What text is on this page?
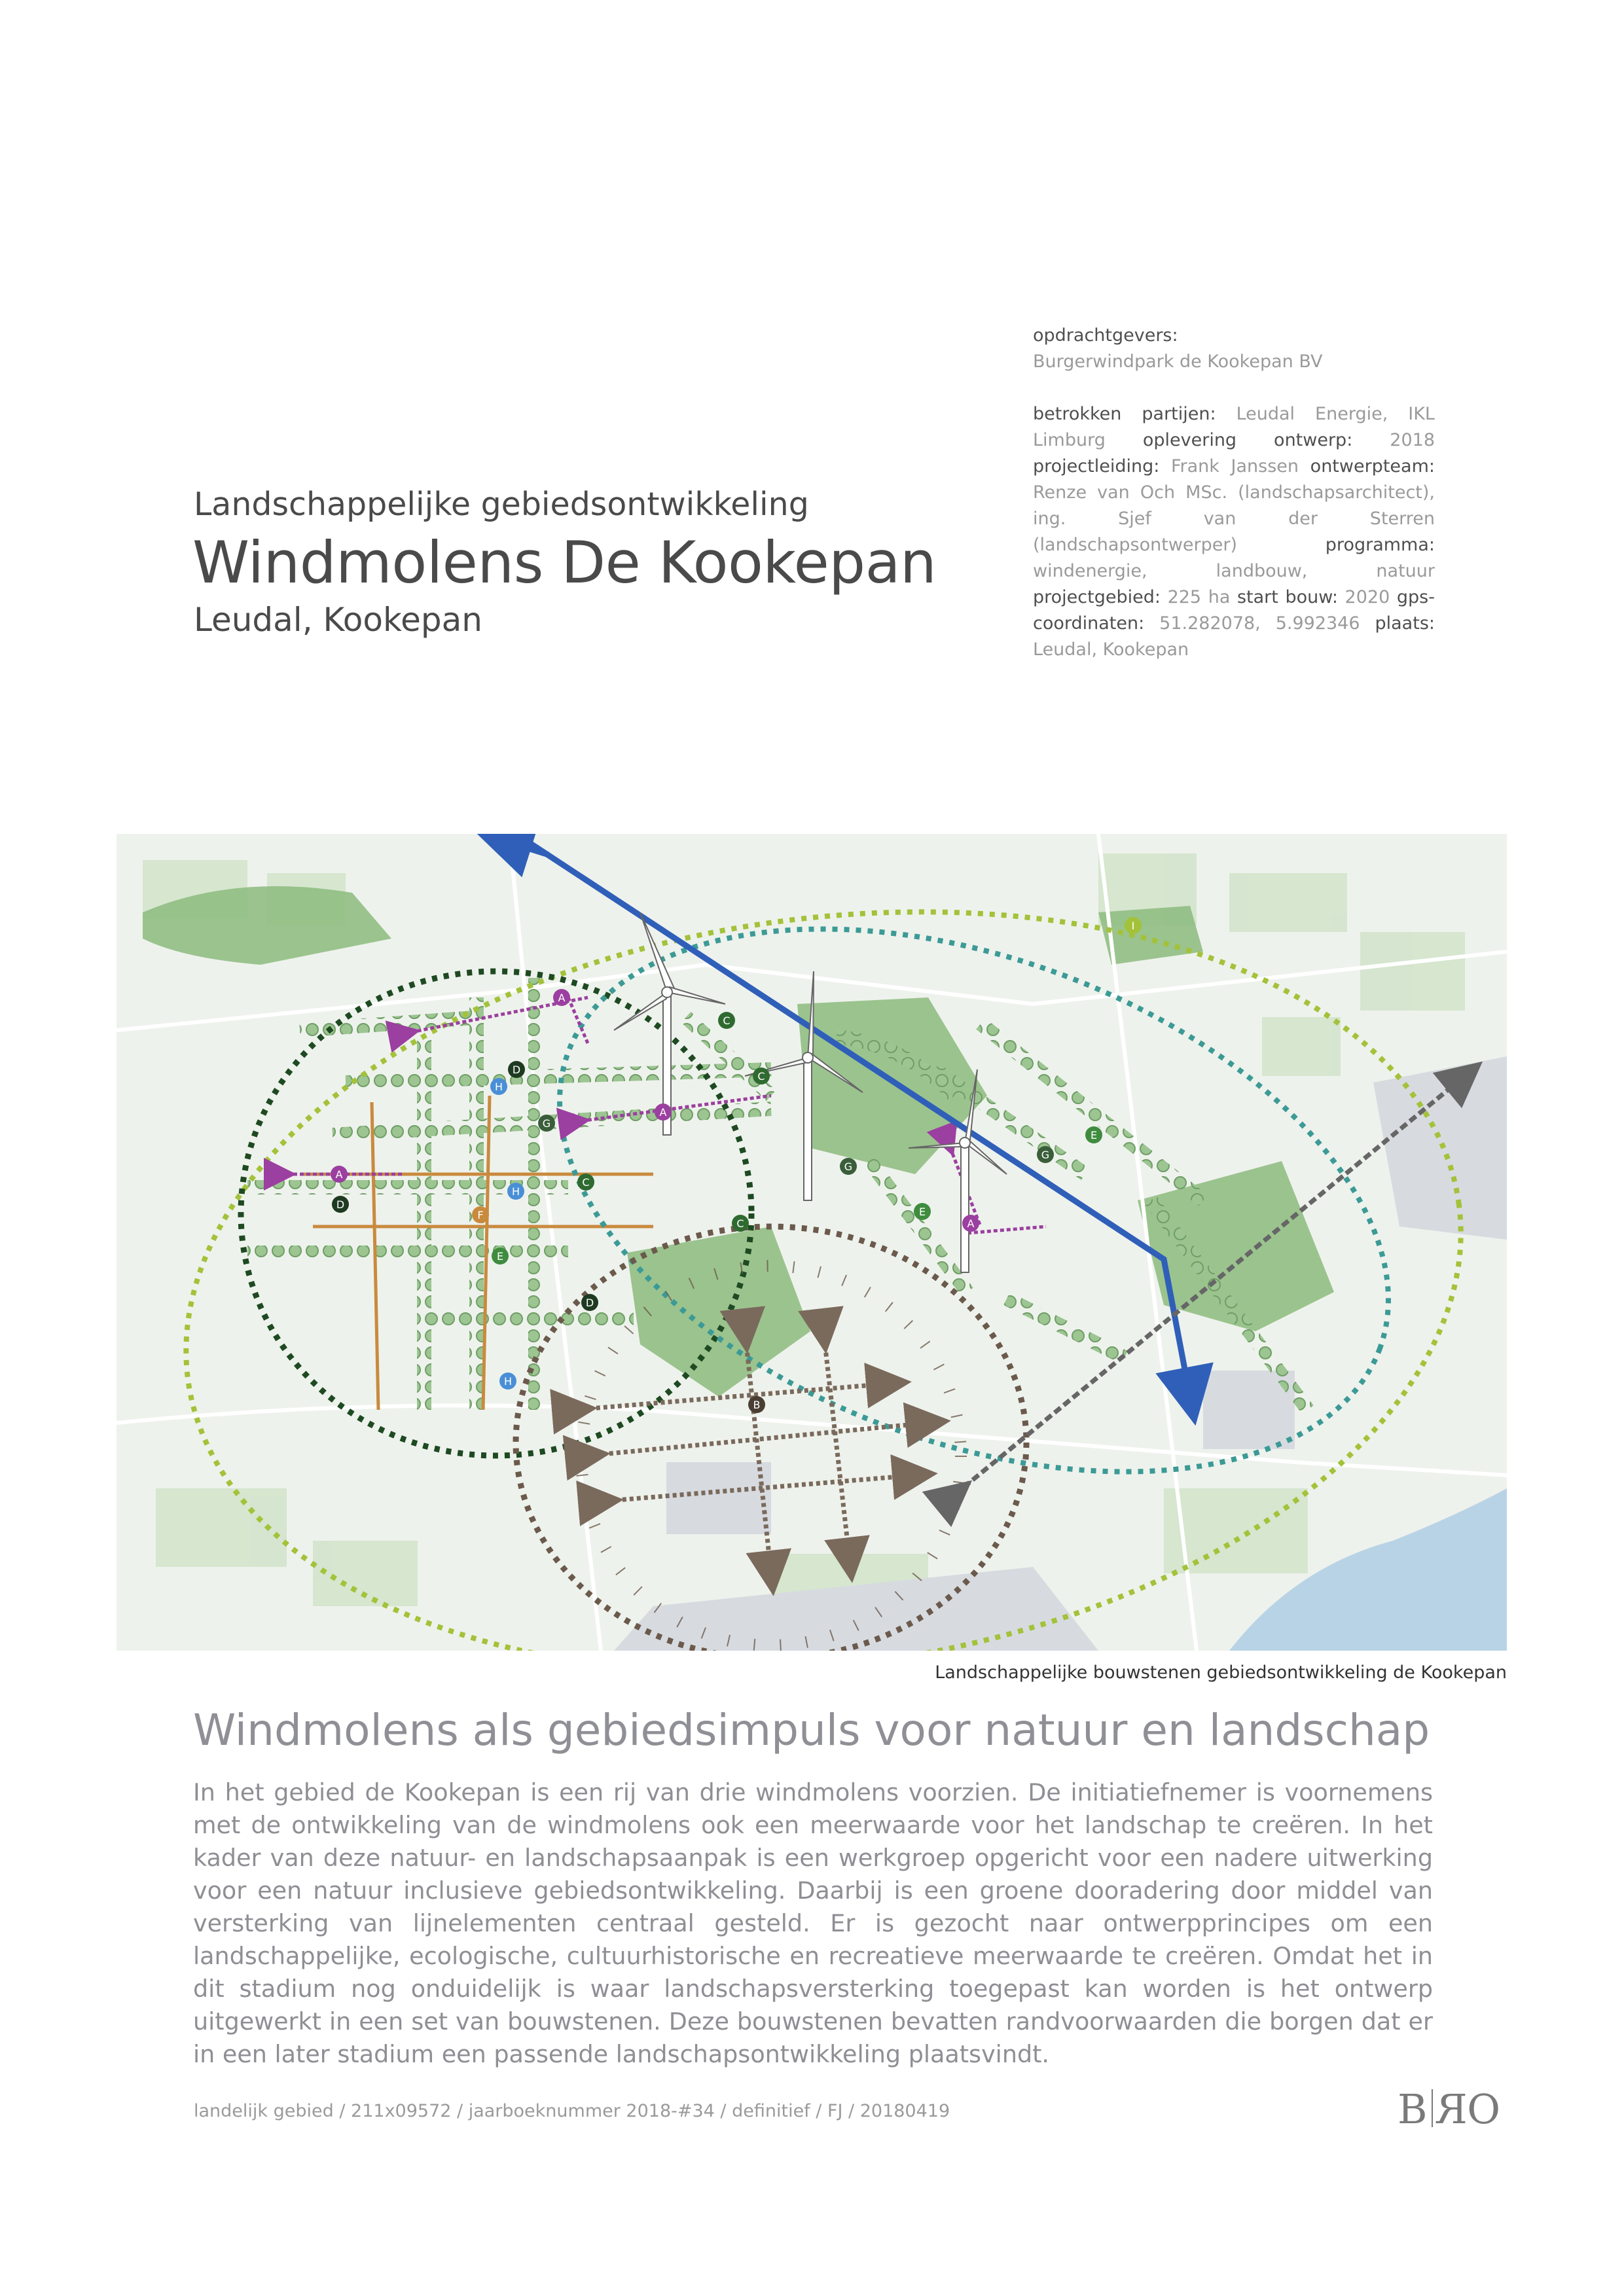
Landschappelijke gebiedsontwikkeling
Windmolens De Kookepan
Leudal, Kookepan

opdrachtgevers:
Burgerwindpark de Kookepan BV

betrokken partijen: Leudal Energie, IKL Limburg oplevering ontwerp: 2018 projectleiding: Frank Janssen ontwerpteam: Renze van Och MSc. (landschapsarchitect), ing. Sjef van der Sterren (landschapsontwerper)	programma: windenergie, landbouw, natuur projectgebied: 225 ha start bouw: 2020 gps-coordinaten: 51.282078, 5.992346 plaats: Leudal, Kookepan

A
A
A
A
B
C
C
C
C
D
D
D
E
E
E
F
G
G
G
H
H
H
I
Landschappelijke bouwstenen gebiedsontwikkeling de Kookepan
Windmolens als gebiedsimpuls voor natuur en landschap
In het gebied de Kookepan is een rij van drie windmolens voorzien. De initiatiefnemer is voornemens met de ontwikkeling van de windmolens ook een meerwaarde voor het landschap te creëren. In het kader van deze natuur- en landschapsaanpak is een werkgroep opgericht voor een nadere uitwerking voor een natuur inclusieve gebiedsontwikkeling. Daarbij is een groene dooradering door middel van versterking van lijnelementen centraal gesteld. Er is gezocht naar ontwerpprincipes om een landschappelijke, ecologische, cultuurhistorische en recreatieve meerwaarde te creëren. Omdat het in dit stadium nog onduidelijk is waar landschapsversterking toegepast kan worden is het ontwerp uitgewerkt in een set van bouwstenen. Deze bouwstenen bevatten randvoorwaarden die borgen dat er in een later stadium een passende landschapsontwikkeling plaatsvindt.
landelijk gebied / 211x09572 / jaarboeknummer 2018-#34 / definitief / FJ / 20180419	B RO
